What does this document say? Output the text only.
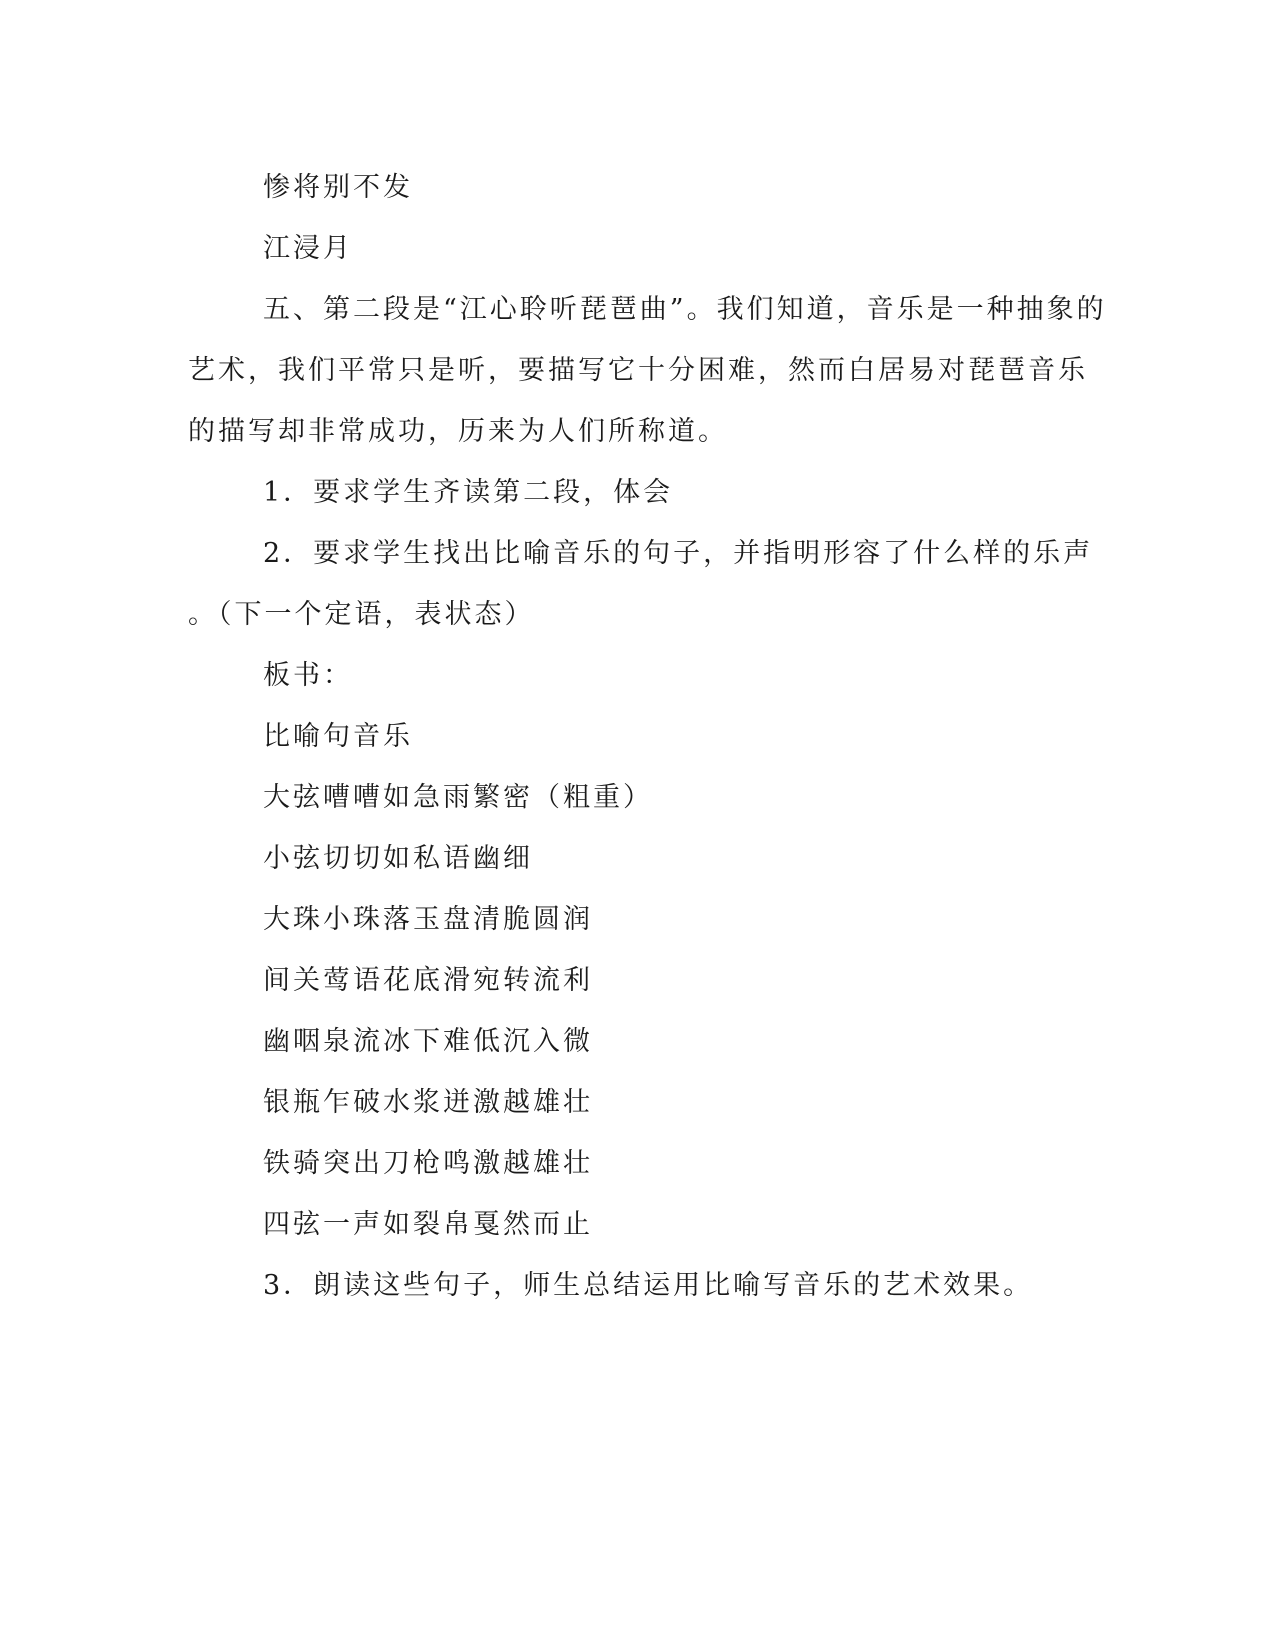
惨将别不发
江浸月
五、第二段是“江心聆听琵琶曲”。我们知道，音乐是一种抽象的
艺术，我们平常只是听，要描写它十分困难，然而白居易对琵琶音乐
的描写却非常成功，历来为人们所称道。
1．要求学生齐读第二段，体会
2．要求学生找出比喻音乐的句子，并指明形容了什么样的乐声
。（下一个定语，表状态）
板书：
比喻句音乐
大弦嘈嘈如急雨繁密（粗重）
小弦切切如私语幽细
大珠小珠落玉盘清脆圆润
间关莺语花底滑宛转流利
幽咽泉流冰下难低沉入微
银瓶乍破水浆迸激越雄壮
铁骑突出刀枪鸣激越雄壮
四弦一声如裂帛戛然而止
3．朗读这些句子，师生总结运用比喻写音乐的艺术效果。
